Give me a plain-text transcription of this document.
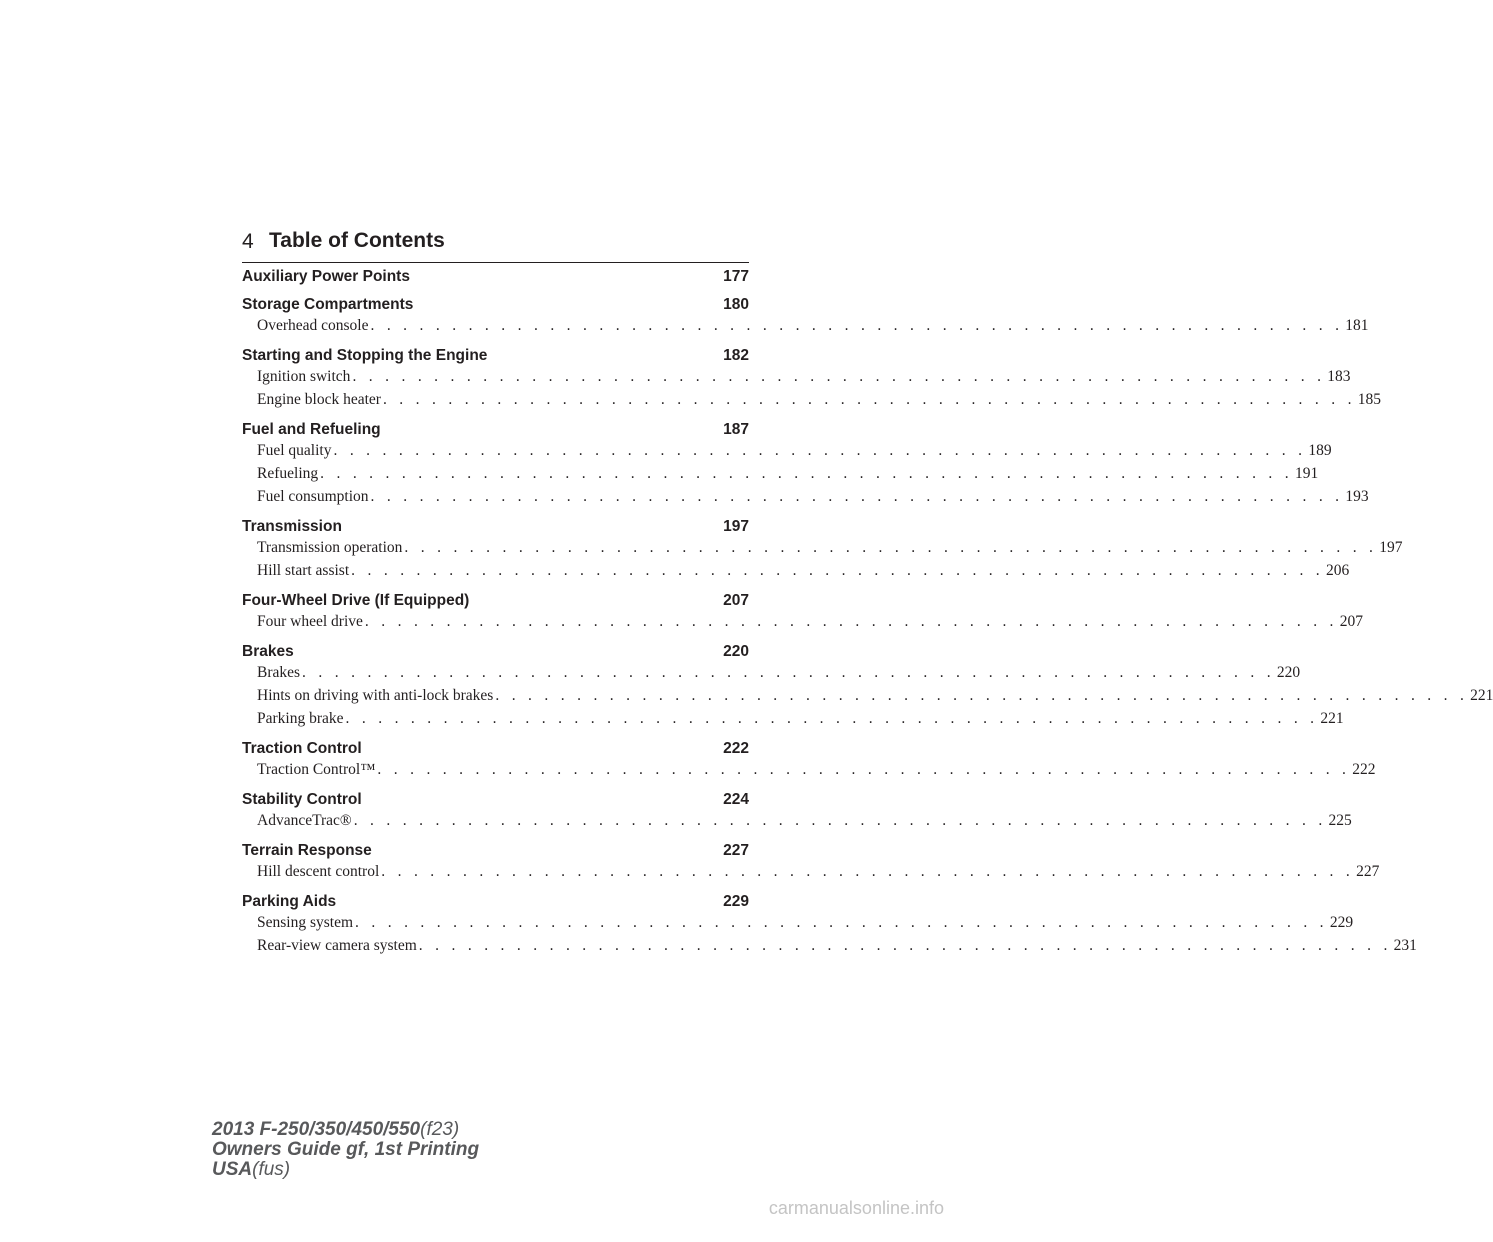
4 Table of Contents
Auxiliary Power Points	177
Storage Compartments	180
Overhead console . . . . . . . . . . . . . . . . . . . . . . . . . . . . . . . . . . . . . . . . . . . . . . . . . . . . . . . . . . . . 181
Starting and Stopping the Engine	182
Ignition switch . . . . . . . . . . . . . . . . . . . . . . . . . . . . . . . . . . . . . . . . . . . . . . . . . . . . . . . . . . . . 183
Engine block heater . . . . . . . . . . . . . . . . . . . . . . . . . . . . . . . . . . . . . . . . . . . . . . . . . . . . . . . . . . . . 185
Fuel and Refueling	187
Fuel quality . . . . . . . . . . . . . . . . . . . . . . . . . . . . . . . . . . . . . . . . . . . . . . . . . . . . . . . . . . . . 189
Refueling . . . . . . . . . . . . . . . . . . . . . . . . . . . . . . . . . . . . . . . . . . . . . . . . . . . . . . . . . . . . 191
Fuel consumption . . . . . . . . . . . . . . . . . . . . . . . . . . . . . . . . . . . . . . . . . . . . . . . . . . . . . . . . . . . . 193
Transmission	197
Transmission operation . . . . . . . . . . . . . . . . . . . . . . . . . . . . . . . . . . . . . . . . . . . . . . . . . . . . . . . . . . . . 197
Hill start assist . . . . . . . . . . . . . . . . . . . . . . . . . . . . . . . . . . . . . . . . . . . . . . . . . . . . . . . . . . . . 206
Four-Wheel Drive (If Equipped)	207
Four wheel drive . . . . . . . . . . . . . . . . . . . . . . . . . . . . . . . . . . . . . . . . . . . . . . . . . . . . . . . . . . . . 207
Brakes	220
Brakes . . . . . . . . . . . . . . . . . . . . . . . . . . . . . . . . . . . . . . . . . . . . . . . . . . . . . . . . . . . . 220
Hints on driving with anti-lock brakes . . . . . . . . . . . . . . . . . . . . . . . . . . . . . . . . . . . . . . . . . . . . . . . . . . . . . . . . . . . . 221
Parking brake . . . . . . . . . . . . . . . . . . . . . . . . . . . . . . . . . . . . . . . . . . . . . . . . . . . . . . . . . . . . 221
Traction Control	222
Traction Control™ . . . . . . . . . . . . . . . . . . . . . . . . . . . . . . . . . . . . . . . . . . . . . . . . . . . . . . . . . . . . 222
Stability Control	224
AdvanceTrac® . . . . . . . . . . . . . . . . . . . . . . . . . . . . . . . . . . . . . . . . . . . . . . . . . . . . . . . . . . . . 225
Terrain Response	227
Hill descent control . . . . . . . . . . . . . . . . . . . . . . . . . . . . . . . . . . . . . . . . . . . . . . . . . . . . . . . . . . . . 227
Parking Aids	229
Sensing system . . . . . . . . . . . . . . . . . . . . . . . . . . . . . . . . . . . . . . . . . . . . . . . . . . . . . . . . . . . . 229
Rear-view camera system . . . . . . . . . . . . . . . . . . . . . . . . . . . . . . . . . . . . . . . . . . . . . . . . . . . . . . . . . . . . 231
2013 F-250/350/450/550(f23)
Owners Guide gf, 1st Printing
USA(fus)
carmanualsonline.info
